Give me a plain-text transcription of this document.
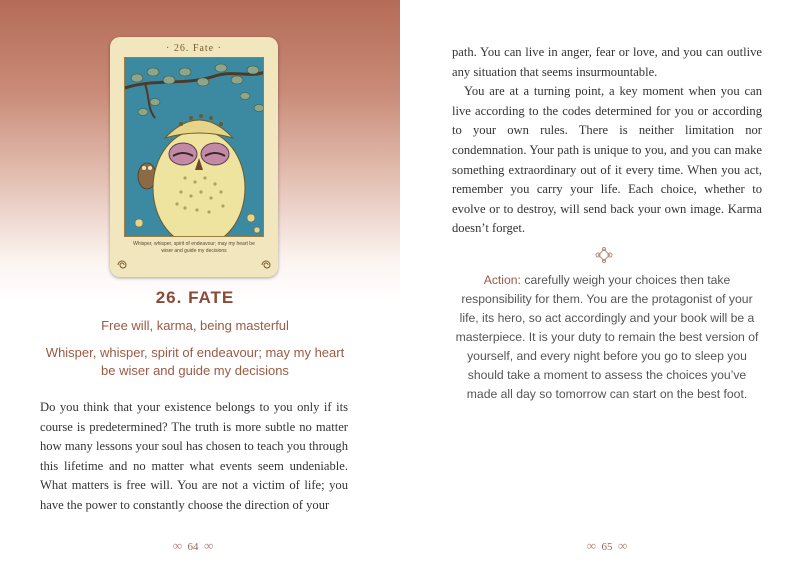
· 26. Fate ·
Whisper, whisper, spirit of endeavour; may my heart be wiser and guide my decisions
26. FATE
Free will, karma, being masterful
Whisper, whisper, spirit of endeavour; may my heart be wiser and guide my decisions
Do you think that your existence belongs to you only if its course is predetermined? The truth is more subtle no matter how many lessons your soul has chosen to teach you through this lifetime and no matter what events seem undeniable. What matters is free will. You are not a victim of life; you have the power to constantly choose the direction of your

path. You can live in anger, fear or love, and you can outlive any situation that seems insurmountable.

You are at a turning point, a key moment when you can live according to the codes determined for you or according to your own rules. There is neither limitation nor condemnation. Your path is unique to you, and you can make something extraordinary out of it every time. When you act, remember you carry your life. Each choice, whether to evolve or to destroy, will send back your own image. Karma doesn’t forget.

Action: carefully weigh your choices then take responsibility for them. You are the protagonist of your life, its hero, so act accordingly and your book will be a masterpiece. It is your duty to remain the best version of yourself, and every night before you go to sleep you should take a moment to assess the choices you’ve made all day so tomorrow can start on the best foot.
∞ 64 ∞	∞ 65 ∞
